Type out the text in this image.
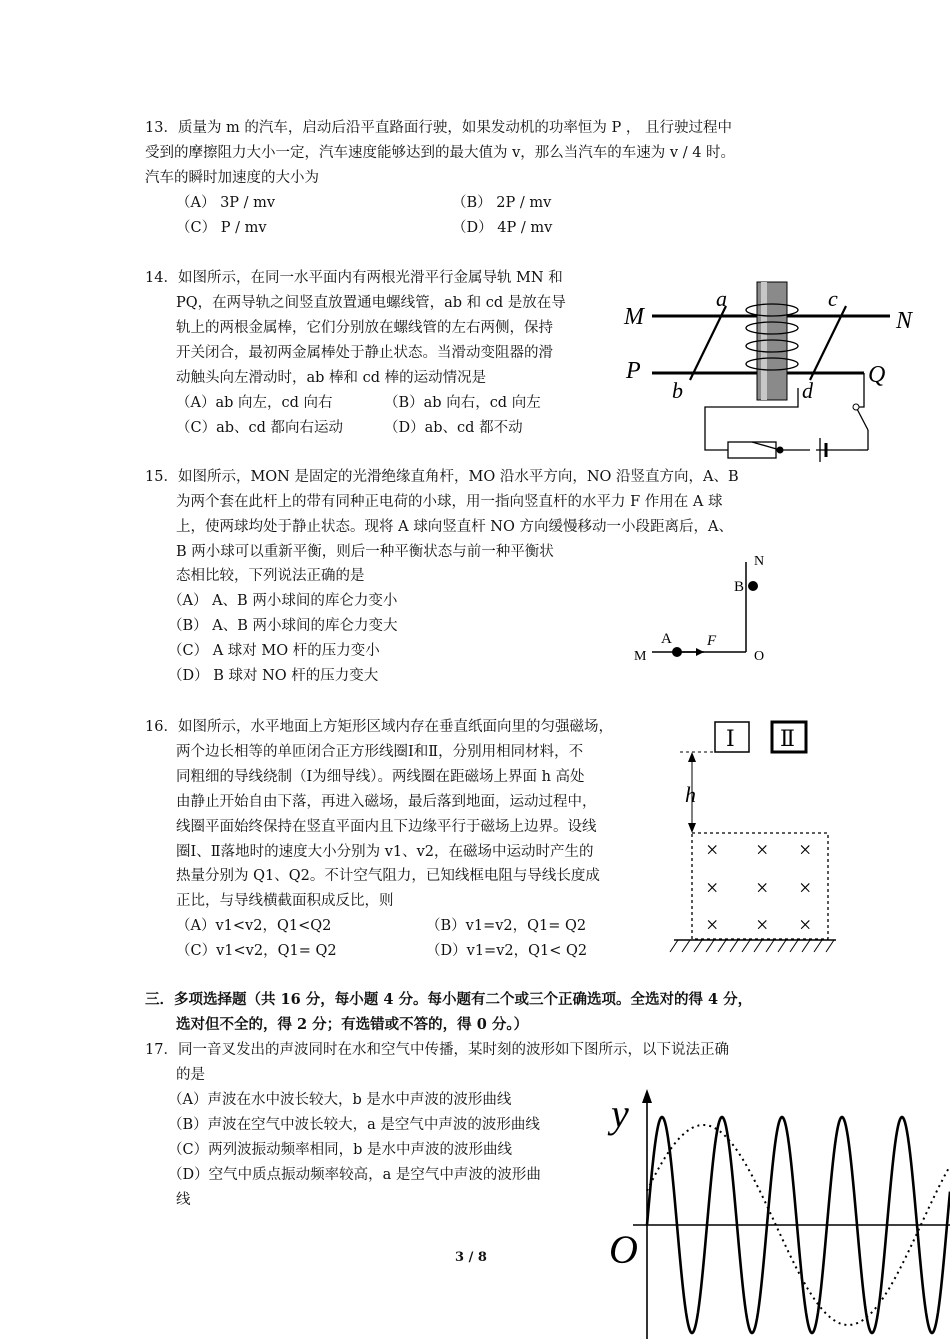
13．质量为 m 的汽车，启动后沿平直路面行驶，如果发动机的功率恒为 P ， 且行驶过程中
受到的摩擦阻力大小一定，汽车速度能够达到的最大值为 v，那么当汽车的车速为 v / 4 时。
汽车的瞬时加速度的大小为
（A） 3P / mv	（B） 2P / mv
（C） P / mv	（D） 4P / mv
14．如图所示，在同一水平面内有两根光滑平行金属导轨 MN 和
PQ，在两导轨之间竖直放置通电螺线管，ab 和 cd 是放在导
轨上的两根金属棒，它们分别放在螺线管的左右两侧，保持
开关闭合，最初两金属棒处于静止状态。当滑动变阻器的滑
动触头向左滑动时，ab 棒和 cd 棒的运动情况是
（A）ab 向左，cd 向右	（B）ab 向右，cd 向左
（C）ab、cd 都向右运动	（D）ab、cd 都不动
M	N
P	Q
a
b
c
d
15．如图所示，MON 是固定的光滑绝缘直角杆，MO 沿水平方向，NO 沿竖直方向，A、B
为两个套在此杆上的带有同种正电荷的小球，用一指向竖直杆的水平力 F 作用在 A 球
上，使两球均处于静止状态。现将 A 球向竖直杆 NO 方向缓慢移动一小段距离后，A、
B 两小球可以重新平衡，则后一种平衡状态与前一种平衡状
态相比较，下列说法正确的是
（A） A、B 两小球间的库仑力变小
（B） A、B 两小球间的库仑力变大
（C） A 球对 MO 杆的压力变小
（D） B 球对 NO 杆的压力变大
N
B
A F
M	O
16．如图所示，水平地面上方矩形区域内存在垂直纸面向里的匀强磁场，
两个边长相等的单匝闭合正方形线圈Ⅰ和Ⅱ，分别用相同材料，不
同粗细的导线绕制（Ⅰ为细导线）。两线圈在距磁场上界面 h 高处
由静止开始自由下落，再进入磁场，最后落到地面，运动过程中，
线圈平面始终保持在竖直平面内且下边缘平行于磁场上边界。设线
圈Ⅰ、Ⅱ落地时的速度大小分别为 v1、v2，在磁场中运动时产生的
热量分别为 Q1、Q2。不计空气阻力，已知线框电阻与导线长度成
正比，与导线横截面积成反比，则
（A）v1<v2，Q1<Q2	（B）v1=v2，Q1= Q2
（C）v1<v2，Q1= Q2	（D）v1=v2，Q1< Q2
Ⅰ Ⅱ
h
× × ×
× × ×
× × ×
三．多项选择题（共 16 分，每小题 4 分。每小题有二个或三个正确选项。全选对的得 4 分，
选对但不全的，得 2 分；有选错或不答的，得 0 分。）
17．同一音叉发出的声波同时在水和空气中传播，某时刻的波形如下图所示，以下说法正确
的是
（A）声波在水中波长较大，b 是水中声波的波形曲线
（B）声波在空气中波长较大，a 是空气中声波的波形曲线
（C）两列波振动频率相同，b 是水中声波的波形曲线
（D）空气中质点振动频率较高，a 是空气中声波的波形曲
线
y
O
3 / 8
